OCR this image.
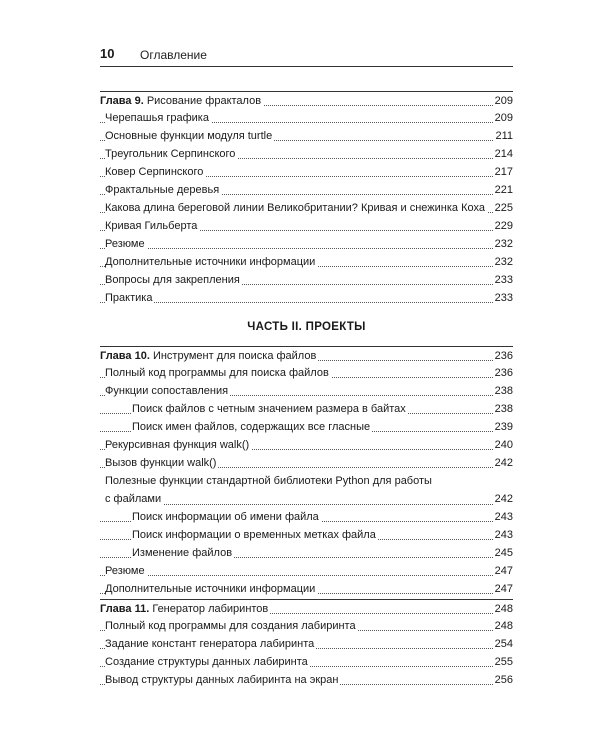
10 Оглавление
Глава 9. Рисование фракталов	209
Черепашья графика	209
Основные функции модуля turtle	211
Треугольник Серпинского	214
Ковер Серпинского	217
Фрактальные деревья	221
Какова длина береговой линии Великобритании? Кривая и снежинка Коха 225
Кривая Гильберта	229
Резюме	232
Дополнительные источники информации	232
Вопросы для закрепления	233
Практика	233
Глава 10. Инструмент для поиска файлов	236
Полный код программы для поиска файлов	236
Функции сопоставления	238
Поиск файлов с четным значением размера в байтах	238
Поиск имен файлов, содержащих все гласные	239
Рекурсивная функция walk()	240
Вызов функции walk()	242
Полезные функции стандартной библиотеки Python для работы
с файлами	242
Поиск информации об имени файла	243
Поиск информации о временных метках файла	243
Изменение файлов	245
Резюме	247
Дополнительные источники информации	247
Глава 11. Генератор лабиринтов	248
Полный код программы для создания лабиринта	248
Задание констант генератора лабиринта	254
Создание структуры данных лабиринта	255
Вывод структуры данных лабиринта на экран	256
ЧАСТЬ II. ПРОЕКТЫ
